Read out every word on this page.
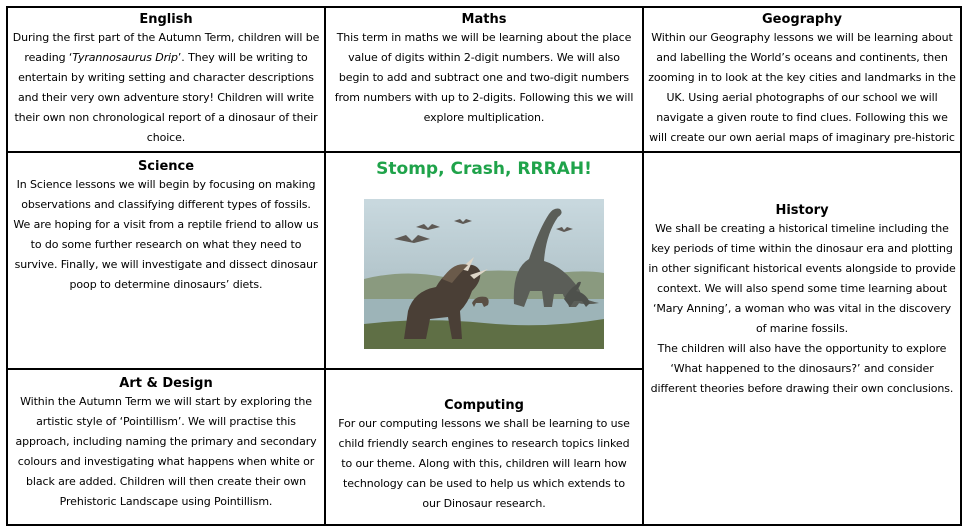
English

During the first part of the Autumn Term, children will be reading ‘Tyrannosaurus Drip’. They will be writing to entertain by writing setting and character descriptions and their very own adventure story! Children will write their own non chronological report of a dinosaur of their choice.

Maths

This term in maths we will be learning about the place value of digits within 2-digit numbers. We will also begin to add and subtract one and two-digit numbers from numbers with up to 2-digits. Following this we will explore multiplication.

Geography

Within our Geography lessons we will be learning about and labelling the World’s oceans and continents, then zooming in to look at the key cities and landmarks in the UK. Using aerial photographs of our school we will navigate a given route to find clues. Following this we will create our own aerial maps of imaginary pre-historic

Science

In Science lessons we will begin by focusing on making observations and classifying different types of fossils. We are hoping for a visit from a reptile friend to allow us to do some further research on what they need to survive. Finally, we will investigate and dissect dinosaur poop to determine dinosaurs’ diets.

Stomp, Crash, RRRAH!

History

We shall be creating a historical timeline including the key periods of time within the dinosaur era and plotting in other significant historical events alongside to provide context. We will also spend some time learning about ‘Mary Anning’, a woman who was vital in the discovery of marine fossils.

The children will also have the opportunity to explore ‘What happened to the dinosaurs?’ and consider different theories before drawing their own conclusions.

Art & Design

Within the Autumn Term we will start by exploring the artistic style of ‘Pointillism’. We will practise this approach, including naming the primary and secondary colours and investigating what happens when white or black are added. Children will then create their own Prehistoric Landscape using Pointillism.

Computing

For our computing lessons we shall be learning to use child friendly search engines to research topics linked to our theme. Along with this, children will learn how technology can be used to help us which extends to our Dinosaur research.
